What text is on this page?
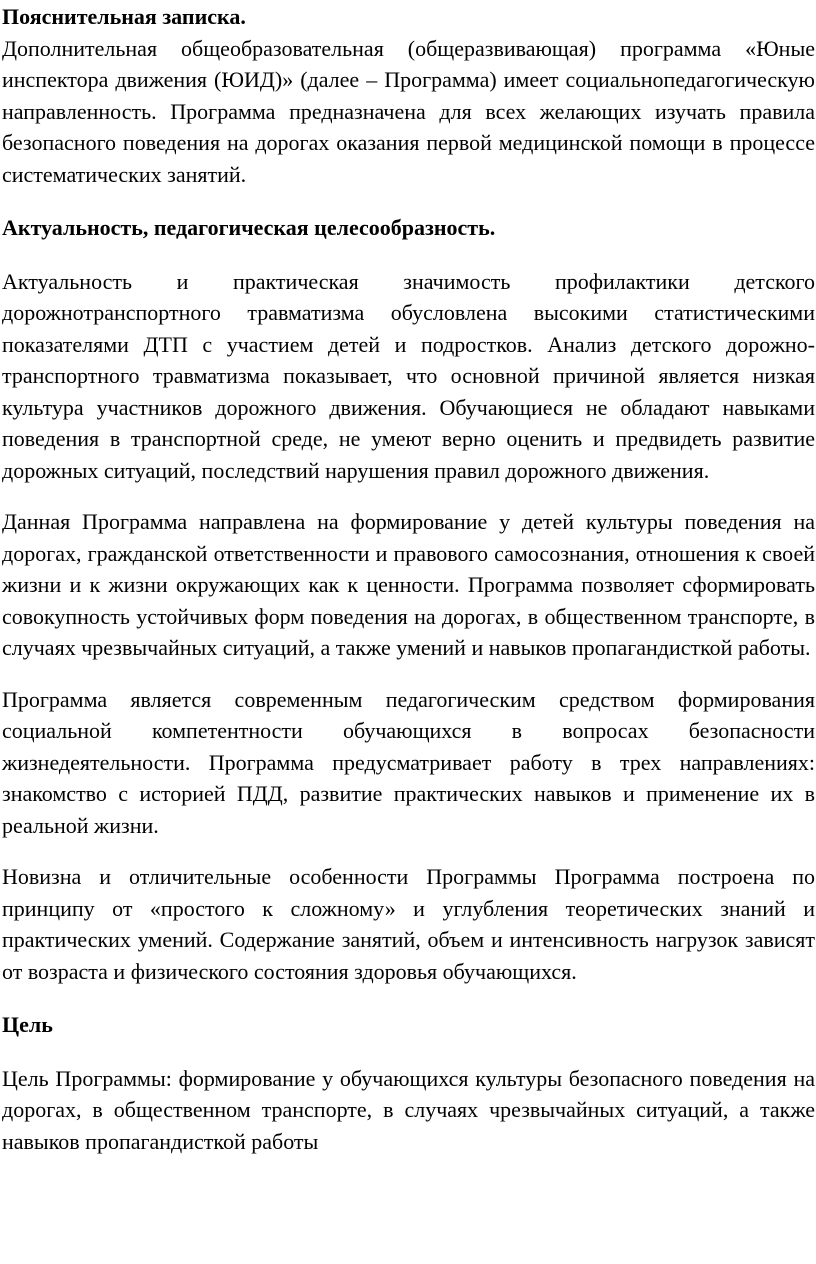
Пояснительная записка.

Дополнительная общеобразовательная (общеразвивающая) программа «Юные инспектора движения (ЮИД)» (далее – Программа) имеет социальнопедагогическую направленность. Программа предназначена для всех желающих изучать правила безопасного поведения на дорогах оказания первой медицинской помощи в процессе систематических занятий.

Актуальность, педагогическая целесообразность.

Актуальность и практическая значимость профилактики детского дорожнотранспортного травматизма обусловлена высокими статистическими показателями ДТП с участием детей и подростков. Анализ детского дорожно-транспортного травматизма показывает, что основной причиной является низкая культура участников дорожного движения. Обучающиеся не обладают навыками поведения в транспортной среде, не умеют верно оценить и предвидеть развитие дорожных ситуаций, последствий нарушения правил дорожного движения.

Данная Программа направлена на формирование у детей культуры поведения на дорогах, гражданской ответственности и правового самосознания, отношения к своей жизни и к жизни окружающих как к ценности. Программа позволяет сформировать совокупность устойчивых форм поведения на дорогах, в общественном транспорте, в случаях чрезвычайных ситуаций, а также умений и навыков пропагандисткой работы.

Программа является современным педагогическим средством формирования социальной компетентности обучающихся в вопросах безопасности жизнедеятельности. Программа предусматривает работу в трех направлениях: знакомство с историей ПДД, развитие практических навыков и применение их в реальной жизни.

Новизна и отличительные особенности Программы Программа построена по принципу от «простого к сложному» и углубления теоретических знаний и практических умений. Содержание занятий, объем и интенсивность нагрузок зависят от возраста и физического состояния здоровья обучающихся.

Цель

Цель Программы: формирование у обучающихся культуры безопасного поведения на дорогах, в общественном транспорте, в случаях чрезвычайных ситуаций, а также навыков пропагандисткой работы
